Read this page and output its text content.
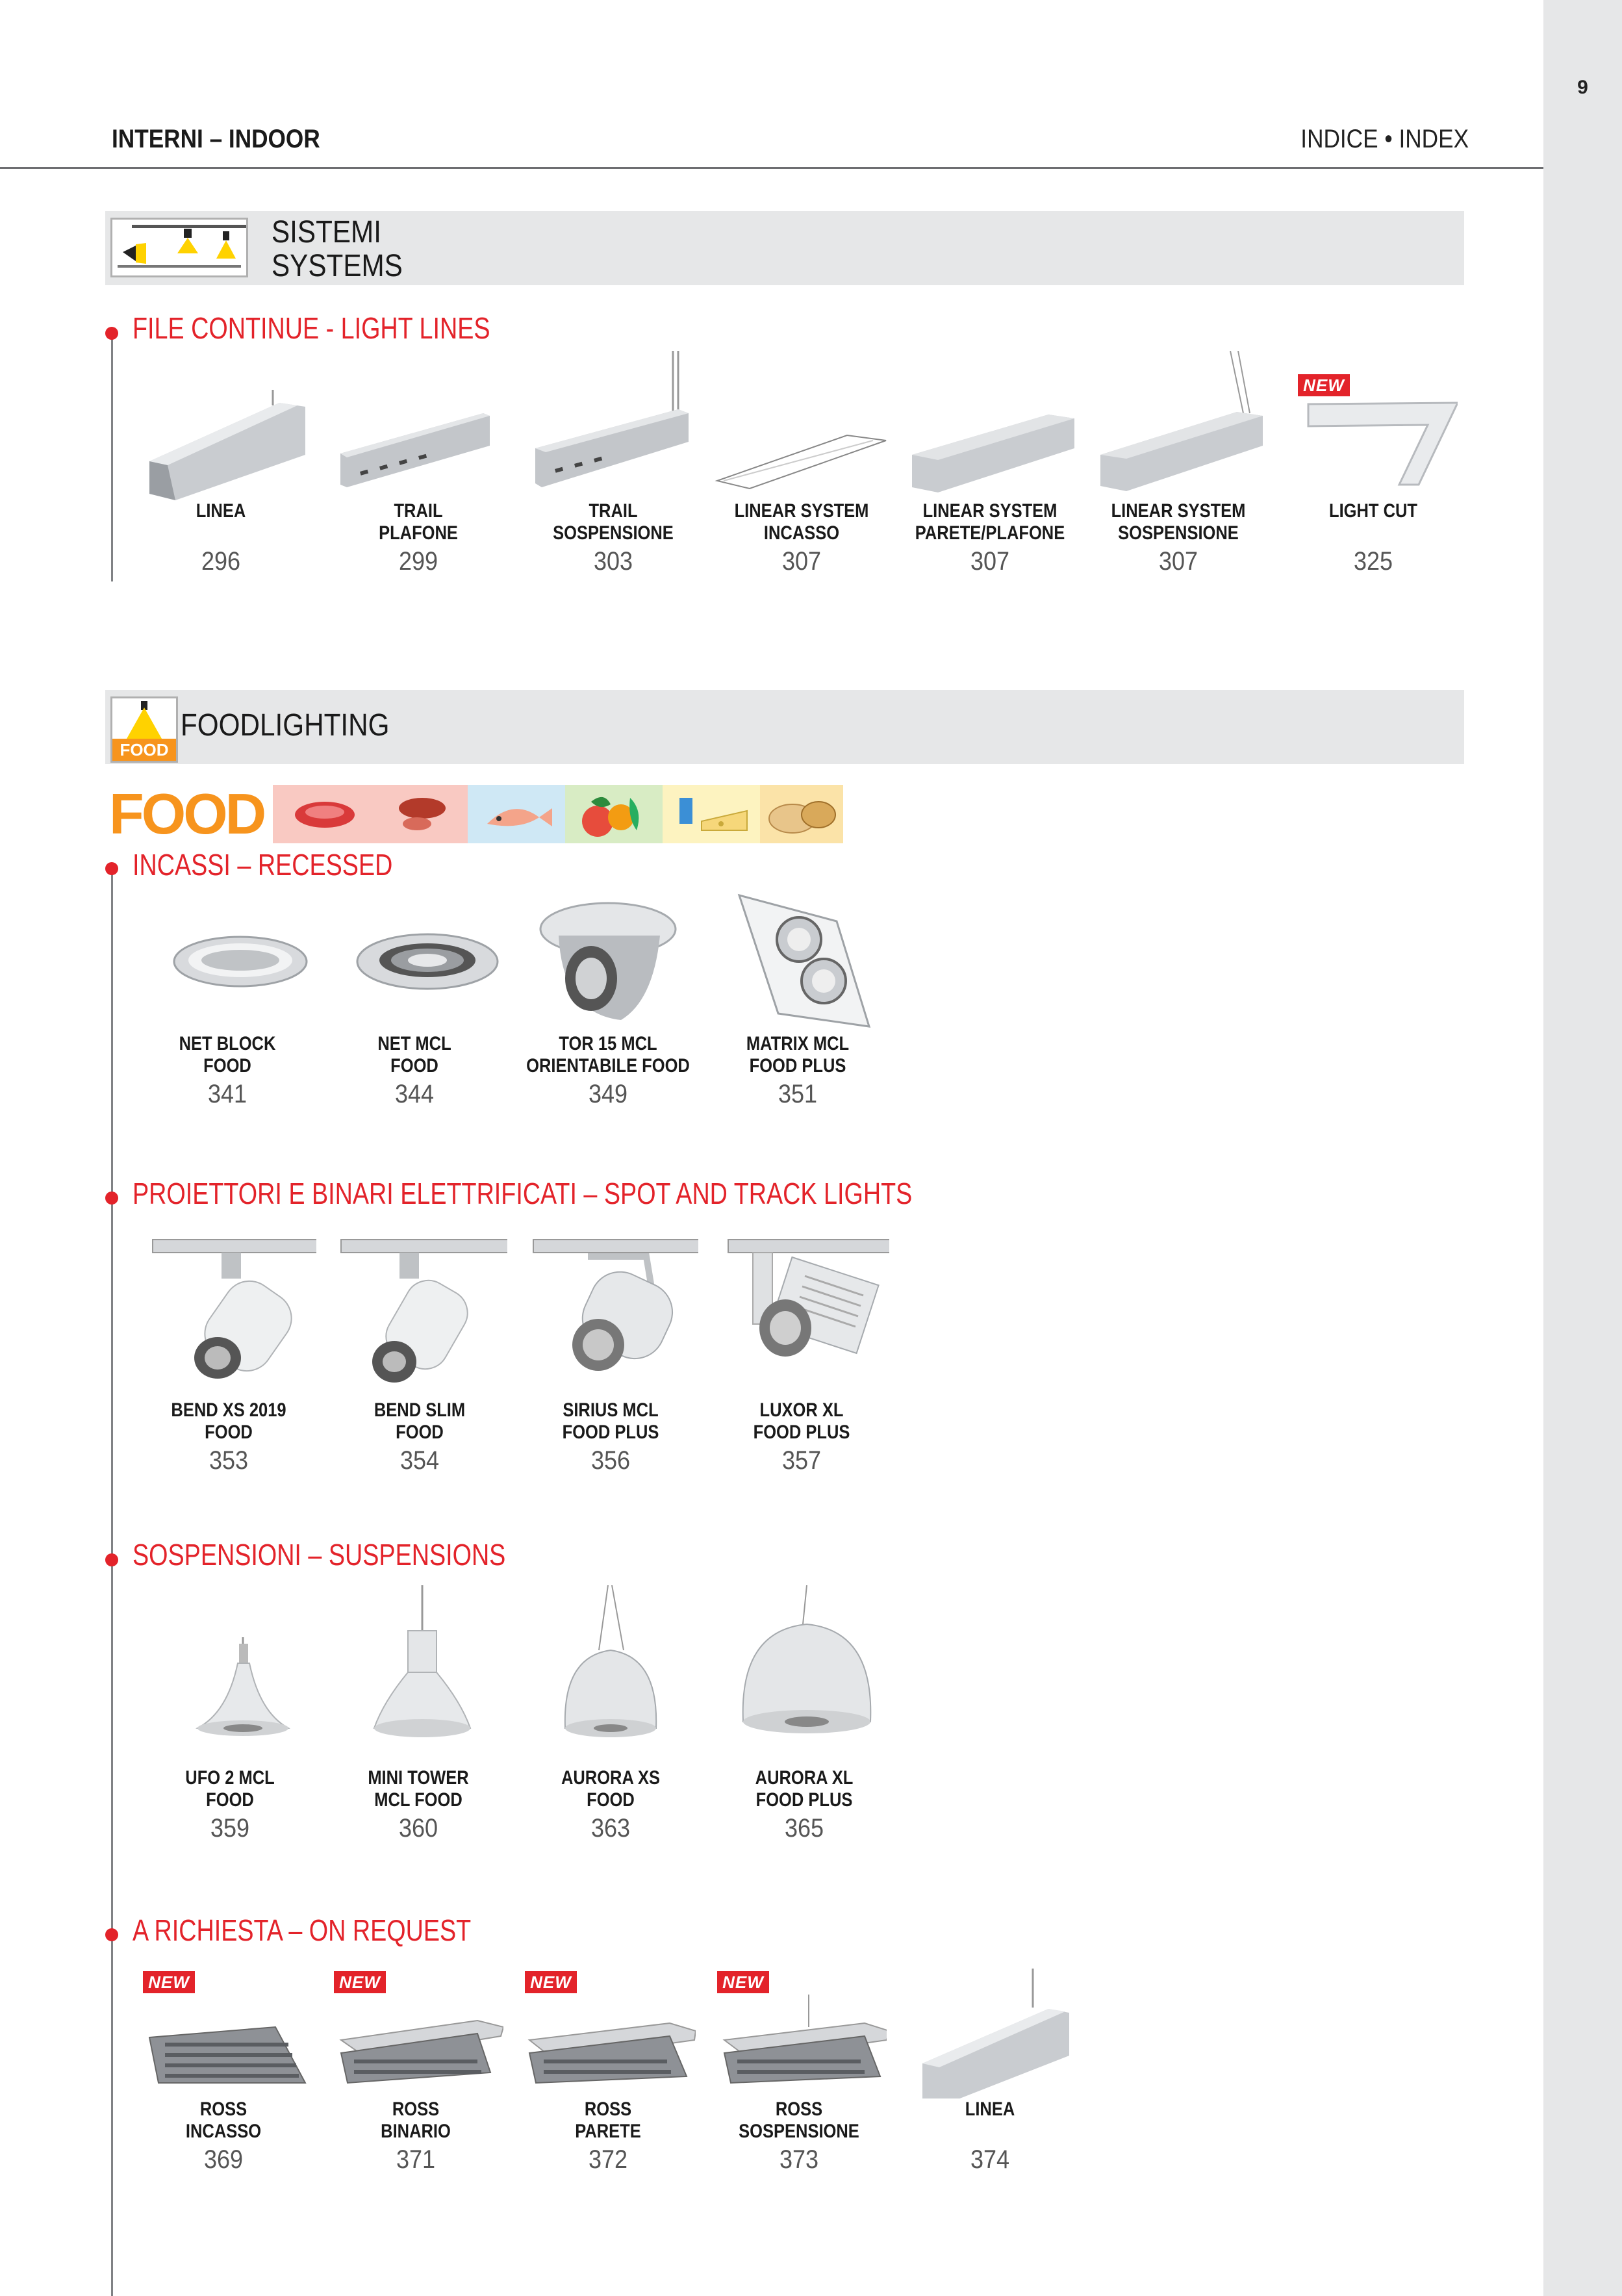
9
INTERNI – INDOOR	INDICE • INDEX
SISTEMI
SYSTEMS
FILE CONTINUE - LIGHT LINES
LINEA

296
TRAIL
PLAFONE
299
TRAIL
SOSPENSIONE
303
LINEAR SYSTEM
INCASSO
307
LINEAR SYSTEM
PARETE/PLAFONE
307
LINEAR SYSTEM
SOSPENSIONE
307
NEW
LIGHT CUT

325
FOOD
FOODLIGHTING
FOOD
INCASSI – RECESSED
NET BLOCK
FOOD
341
NET MCL
FOOD
344
TOR 15 MCL
ORIENTABILE FOOD
349
MATRIX MCL
FOOD PLUS
351
PROIETTORI E BINARI ELETTRIFICATI – SPOT AND TRACK LIGHTS
BEND XS 2019
FOOD
353
BEND SLIM
FOOD
354
SIRIUS MCL
FOOD PLUS
356
LUXOR XL
FOOD PLUS
357
SOSPENSIONI – SUSPENSIONS
UFO 2 MCL
FOOD
359
MINI TOWER
MCL FOOD
360
AURORA XS
FOOD
363
AURORA XL
FOOD PLUS
365
A RICHIESTA – ON REQUEST
NEW
ROSS
INCASSO
369
NEW
ROSS
BINARIO
371
NEW
ROSS
PARETE
372
NEW
ROSS
SOSPENSIONE
373
LINEA

374
